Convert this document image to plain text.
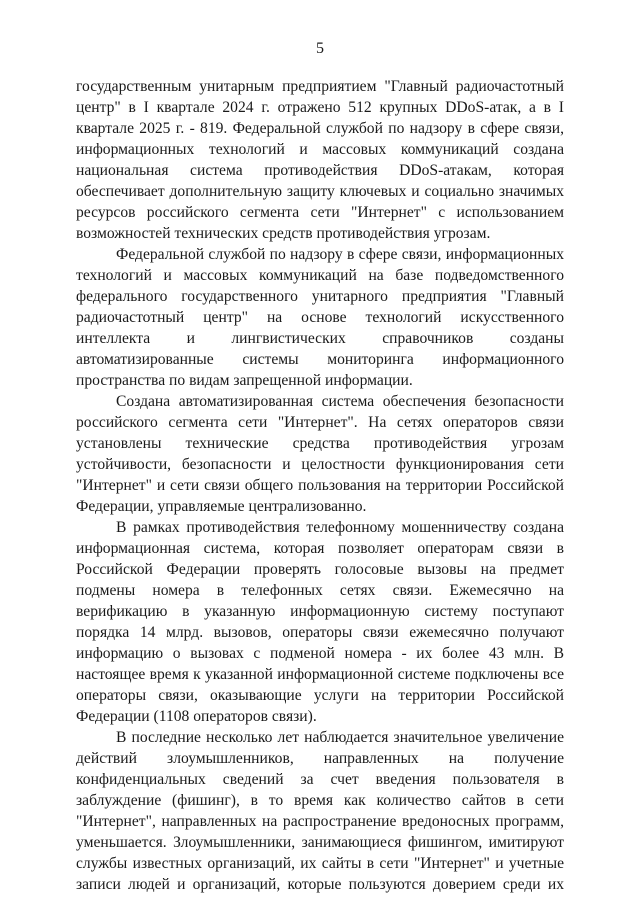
5

государственным унитарным предприятием "Главный радиочастотный центр" в I квартале 2024 г. отражено 512 крупных DDoS-атак, а в I квартале 2025 г. - 819. Федеральной службой по надзору в сфере связи, информационных технологий и массовых коммуникаций создана национальная система противодействия DDoS-атакам, которая обеспечивает дополнительную защиту ключевых и социально значимых ресурсов российского сегмента сети "Интернет" с использованием возможностей технических средств противодействия угрозам.

Федеральной службой по надзору в сфере связи, информационных технологий и массовых коммуникаций на базе подведомственного федерального государственного унитарного предприятия "Главный радиочастотный центр" на основе технологий искусственного интеллекта и лингвистических справочников созданы автоматизированные системы мониторинга информационного пространства по видам запрещенной информации.

Создана автоматизированная система обеспечения безопасности российского сегмента сети "Интернет". На сетях операторов связи установлены технические средства противодействия угрозам устойчивости, безопасности и целостности функционирования сети "Интернет" и сети связи общего пользования на территории Российской Федерации, управляемые централизованно.

В рамках противодействия телефонному мошенничеству создана информационная система, которая позволяет операторам связи в Российской Федерации проверять голосовые вызовы на предмет подмены номера в телефонных сетях связи. Ежемесячно на верификацию в указанную информационную систему поступают порядка 14 млрд. вызовов, операторы связи ежемесячно получают информацию о вызовах с подменой номера - их более 43 млн. В настоящее время к указанной информационной системе подключены все операторы связи, оказывающие услуги на территории Российской Федерации (1108 операторов связи).

В последние несколько лет наблюдается значительное увеличение действий злоумышленников, направленных на получение конфиденциальных сведений за счет введения пользователя в заблуждение (фишинг), в то время как количество сайтов в сети "Интернет", направленных на распространение вредоносных программ, уменьшается. Злоумышленники, занимающиеся фишингом, имитируют службы известных организаций, их сайты в сети "Интернет" и учетные записи людей и организаций, которые пользуются доверием среди их
